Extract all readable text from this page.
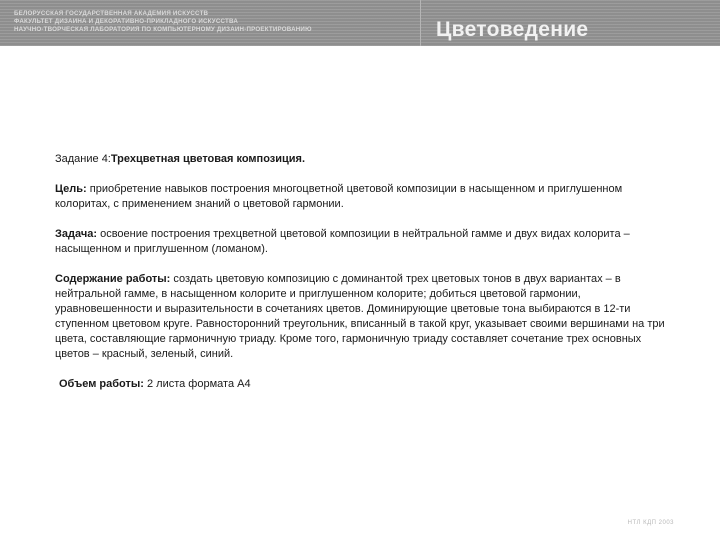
БЕЛОРУССКАЯ ГОСУДАРСТВЕННАЯ АКАДЕМИЯ ИСКУССТВ
ФАКУЛЬТЕТ ДИЗАЙНА И ДЕКОРАТИВНО-ПРИКЛАДНОГО ИСКУССТВА
НАУЧНО-ТВОРЧЕСКАЯ ЛАБОРАТОРИЯ ПО КОМПЬЮТЕРНОМУ ДИЗАЙН-ПРОЕКТИРОВАНИЮ	Цветоведение

Задание 4:Трехцветная цветовая композиция.

Цель: приобретение навыков построения многоцветной цветовой композиции в насыщенном и приглушенном колоритах, с применением знаний о цветовой гармонии.

Задача: освоение построения трехцветной цветовой композиции в нейтральной гамме и двух видах колорита – насыщенном и приглушенном (ломаном).

Содержание работы: создать цветовую композицию с доминантой трех цветовых тонов в двух вариантах – в нейтральной гамме, в насыщенном колорите и приглушенном колорите; добиться цветовой гармонии, уравновешенности и выразительности в сочетаниях цветов. Доминирующие цветовые тона выбираются в 12-ти ступенном цветовом круге. Равносторонний треугольник, вписанный в такой круг, указывает своими вершинами на три цвета, составляющие гармоничную триаду. Кроме того, гармоничную триаду составляет сочетание трех основных цветов – красный, зеленый, синий.

Объем работы: 2 листа формата А4

НТЛ КДП 2003
